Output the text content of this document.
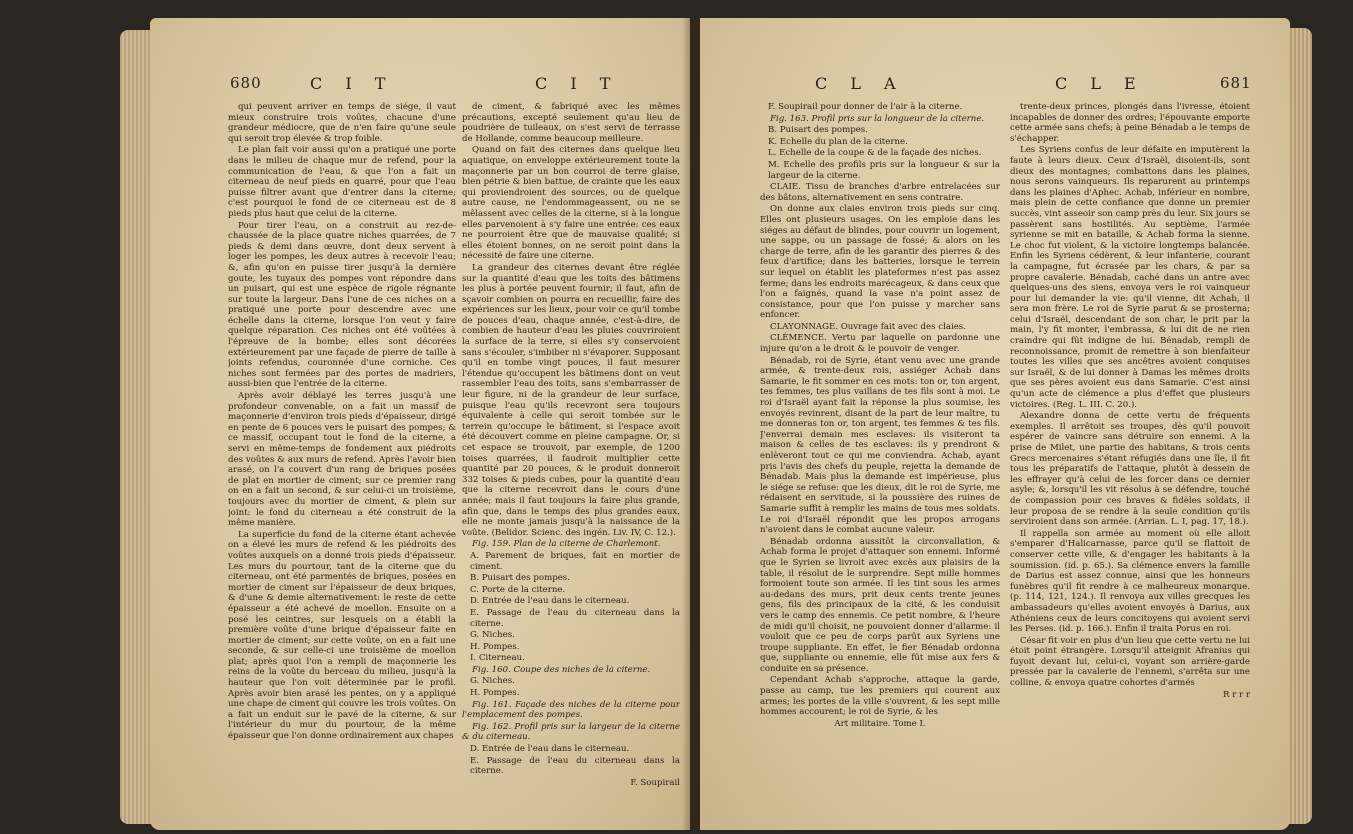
680	C I T	C I T

qui peuvent arriver en temps de siége, il vaut mieux construire trois voûtes, chacune d'une grandeur médiocre, que de n'en faire qu'une seule qui seroit trop élevée & trop foible.

Le plan fait voir aussi qu'on a pratiqué une porte dans le milieu de chaque mur de refend, pour la communication de l'eau, & que l'on a fait un citerneau de neuf pieds en quarré, pour que l'eau puisse filtrer avant que d'entrer dans la citerne; c'est pourquoi le fond de ce citerneau est de 8 pieds plus haut que celui de la citerne.

Pour tirer l'eau, on a construit au rez-de-chaussée de la place quatre niches quarrées, de 7 pieds & demi dans œuvre, dont deux servent à loger les pompes, les deux autres à recevoir l'eau; &, afin qu'on en puisse tirer jusqu'à la dernière goute, les tuyaux des pompes vont répondre dans un puisart, qui est une espèce de rigole régnante sur toute la largeur. Dans l'une de ces niches on a pratiqué une porte pour descendre avec une échelle dans la citerne, lorsque l'on veut y faire quelque réparation. Ces niches ont été voûtées à l'épreuve de la bombe; elles sont décorées extérieurement par une façade de pierre de taille à joints refendus, couronnée d'une corniche. Ces niches sont fermées par des portes de madriers, aussi-bien que l'entrée de la citerne.

Après avoir déblayé les terres jusqu'à une profondeur convenable, on a fait un massif de maçonnerie d'environ trois pieds d'épaisseur, dirigé en pente de 6 pouces vers le puisart des pompes; & ce massif, occupant tout le fond de la citerne, a servi en même-temps de fondement aux piédroits des voûtes & aux murs de refend. Après l'avoir bien arasé, on l'a couvert d'un rang de briques posées de plat en mortier de ciment; sur ce premier rang on en a fait un second, & sur celui-ci un troisième, toujours avec du mortier de ciment, & plein sur joint: le fond du citerneau a été construit de la même manière.

La superficie du fond de la citerne étant achevée on a élevé les murs de refend & les piédroits des voûtes auxquels on a donné trois pieds d'épaisseur. Les murs du pourtour, tant de la citerne que du citerneau, ont été parmentés de briques, posées en mortier de ciment sur l'épaisseur de deux briques, & d'une & demie alternativement: le reste de cette épaisseur a été achevé de moellon. Ensuite on a posé les ceintres, sur lesquels on a établi la première voûte d'une brique d'épaisseur faite en mortier de ciment; sur cette voûte, on en a fait une seconde, & sur celle-ci une troisième de moellon plat; après quoi l'on a rempli de maçonnerie les reins de la voûte du berceau du milieu, jusqu'à la hauteur que l'on voit déterminée par le profil. Après avoir bien arasé les pentes, on y a appliqué une chape de ciment qui couvre les trois voûtes. On a fait un enduit sur le pavé de la citerne, & sur l'intérieur du mur du pourtour, de la même épaisseur que l'on donne ordinairement aux chapes

de ciment, & fabriqué avec les mêmes précautions, excepté seulement qu'au lieu de poudrière de tuileaux, on s'est servi de terrasse de Hollande, comme beaucoup meilleure.

Quand on fait des citernes dans quelque lieu aquatique, on enveloppe extérieurement toute la maçonnerie par un bon courroi de terre glaise, bien pétrie & bien battue, de crainte que les eaux qui proviendroient des sources, ou de quelque autre cause, ne l'endommageassent, ou ne se mêlassent avec celles de la citerne, si à la longue elles parvenoient à s'y faire une entrée: ces eaux ne pourroient être que de mauvaise qualité; si elles étoient bonnes, on ne seroit point dans la nécessité de faire une citerne.

La grandeur des citernes devant être réglée sur la quantité d'eau que les toits des bâtimens les plus à portée peuvent fournir; il faut, afin de sçavoir combien on pourra en recueillir, faire des expériences sur les lieux, pour voir ce qu'il tombe de pouces d'eau, chaque année, c'est-à-dire, de combien de hauteur d'eau les pluies couvriroient la surface de la terre, si elles s'y conservoient sans s'écouler, s'imbiber ni s'évaporer. Supposant qu'il en tombe vingt pouces, il faut mesurer l'étendue qu'occupent les bâtimens dont on veut rassembler l'eau des toits, sans s'embarrasser de leur figure, ni de la grandeur de leur surface, puisque l'eau qu'ils recevront sera toujours équivalente à celle qui seroit tombée sur le terrein qu'occupe le bâtiment, si l'espace avoit été découvert comme en pleine campagne. Or, si cet espace se trouvoit, par exemple, de 1200 toises quarrées, il faudroit multiplier cette quantité par 20 pouces, & le produit donneroit 332 toises & pieds cubes, pour la quantité d'eau que la citerne recevroit dans le cours d'une année; mais il faut toujours la faire plus grande, afin que, dans le temps des plus grandes eaux, elle ne monte jamais jusqu'à la naissance de la voûte. (Belidor. Scienc. des ingén. Liv. IV, C. 12.).

Fig. 159. Plan de la citerne de Charlemont.

A. Parement de briques, fait en mortier de ciment.

B. Puisart des pompes.

C. Porte de la citerne.

D. Entrée de l'eau dans le citerneau.

E. Passage de l'eau du citerneau dans la citerne.

G. Niches.

H. Pompes.

I. Citerneau.

Fig. 160. Coupe des niches de la citerne.

G. Niches.

H. Pompes.

Fig. 161. Façade des niches de la citerne pour l'emplacement des pompes.

Fig. 162. Profil pris sur la largeur de la citerne & du citerneau.

D. Entrée de l'eau dans le citerneau.

E. Passage de l'eau du citerneau dans la citerne.

F. Soupirail

C L A	C L E	681

F. Soupirail pour donner de l'air à la citerne.

Fig. 163. Profil pris sur la longueur de la citerne.

B. Puisart des pompes.

K. Echelle du plan de la citerne.

L. Echelle de la coupe & de la façade des niches.

M. Echelle des profils pris sur la longueur & sur la largeur de la citerne.

CLAIE. Tissu de branches d'arbre entrelacées sur des bâtons, alternativement en sens contraire.

On donne aux claies environ trois pieds sur cinq. Elles ont plusieurs usages. On les emploie dans les siéges au défaut de blindes, pour couvrir un logement, une sappe, ou un passage de fossé; & alors on les charge de terre, afin de les garantir des pierres & des feux d'artifice; dans les batteries, lorsque le terrein sur lequel on établit les plateformes n'est pas assez ferme; dans les endroits marécageux, & dans ceux que l'on a faignés, quand la vase n'a point assez de consistance, pour que l'on puisse y marcher sans enfoncer.

CLAYONNAGE. Ouvrage fait avec des claies.

CLÉMENCE. Vertu par laquelle on pardonne une injure qu'on a le droit & le pouvoir de venger.

Bénadab, roi de Syrie, étant venu avec une grande armée, & trente-deux rois, assiéger Achab dans Samarie, le fit sommer en ces mots: ton or, ton argent, tes femmes, tes plus vaillans de tes fils sont à moi. Le roi d'Israël ayant fait la réponse la plus soumise, les envoyés revinrent, disant de la part de leur maître, tu me donneras ton or, ton argent, tes femmes & tes fils. J'enverrai demain mes esclaves: ils visiteront ta maison & celles de tes esclaves: ils y prendront & enlèveront tout ce qui me conviendra. Achab, ayant pris l'avis des chefs du peuple, rejetta la demande de Bénadab. Mais plus la demande est impérieuse, plus le siége se refuse: que les dieux, dit le roi de Syrie, me rédaisent en servitude, si la poussière des ruines de Samarie suffit à remplir les mains de tous mes soldats. Le roi d'Israël répondit que les propos arrogans n'avoient dans le combat aucune valeur.

Bénadab ordonna aussitôt la circonvallation, & Achab forma le projet d'attaquer son ennemi. Informé que le Syrien se livroit avec excès aux plaisirs de la table, il résolut de le surprendre. Sept mille hommes formoient toute son armée. Il les tint sous les armes au-dedans des murs, prit deux cents trente jeunes gens, fils des principaux de la cité, & les conduisit vers le camp des ennemis. Ce petit nombre, & l'heure de midi qu'il choisit, ne pouvoient donner d'allarme: il vouloit que ce peu de corps parût aux Syriens une troupe suppliante. En effet, le fier Bénadab ordonna que, suppliante ou ennemie, elle fût mise aux fers & conduite en sa présence.

Cependant Achab s'approche, attaque la garde, passe au camp, tue les premiers qui courent aux armes; les portes de la ville s'ouvrent, & les sept mille hommes accourent; le roi de Syrie, & les

Art militaire. Tome I.

trente-deux princes, plongés dans l'ivresse, étoient incapables de donner des ordres; l'épouvante emporte cette armée sans chefs; à peine Bénadab a le temps de s'échapper.

Les Syriens confus de leur défaite en imputèrent la faute à leurs dieux. Ceux d'Israël, disoient-ils, sont dieux des montagnes; combattons dans les plaines, nous serons vainqueurs. Ils reparurent au printemps dans les plaines d'Aphec. Achab, inférieur en nombre, mais plein de cette confiance que donne un premier succès, vint asseoir son camp près du leur. Six jours se passèrent sans hostilités. Au septième, l'armée syrienne se mit en bataille, & Achab forma la sienne. Le choc fut violent, & la victoire longtemps balancée. Enfin les Syriens cédèrent, & leur infanterie, courant la campagne, fut écrasée par les chars, & par sa propre cavalerie. Bénadab, caché dans un antre avec quelques-uns des siens, envoya vers le roi vainqueur pour lui demander la vie: qu'il vienne, dit Achab, il sera mon frère. Le roi de Syrie parut & se prosterna; celui d'Israël, descendant de son char, le prit par la main, l'y fit monter, l'embrassa, & lui dit de ne rien craindre qui fût indigne de lui. Bénadab, rempli de reconnoissance, promit de remettre à son bienfaiteur toutes les villes que ses ancêtres avoient conquises sur Israël, & de lui donner à Damas les mêmes droits que ses pères avoient eus dans Samarie. C'est ainsi qu'un acte de clémence a plus d'effet que plusieurs victoires. (Reg. L. III. C. 20.).

Alexandre donna de cette vertu de fréquents exemples. Il arrêtoit ses troupes, dès qu'il pouvoit espérer de vaincre sans détruire son ennemi. A la prise de Milet, une partie des habitans, & trois cents Grecs mercenaires s'étant réfugiés dans une île, il fit tous les préparatifs de l'attaque, plutôt à dessein de les effrayer qu'à celui de les forcer dans ce dernier asyle; &, lorsqu'il les vit résolus à se défendre, touché de compassion pour ces braves & fidèles soldats, il leur proposa de se rendre à la seule condition qu'ils serviroient dans son armée. (Arrian. L. I, pag. 17, 18.).

Il rappella son armée au moment où elle alloit s'emparer d'Halicarnasse, parce qu'il se flattoit de conserver cette ville, & d'engager les habitants à la soumission. (id. p. 65.). Sa clémence envers la famille de Darius est assez connue, ainsi que les honneurs funèbres qu'il fit rendre à ce malheureux monarque. (p. 114, 121, 124.). Il renvoya aux villes grecques les ambassadeurs qu'elles avoient envoyés à Darius, aux Athéniens ceux de leurs concitoyens qui avoient servi les Perses. (id. p. 166.). Enfin il traita Porus en roi.

César fit voir en plus d'un lieu que cette vertu ne lui étoit point étrangère. Lorsqu'il atteignit Afranius qui fuyoit devant lui, celui-ci, voyant son arrière-garde pressée par la cavalerie de l'ennemi, s'arrêta sur une colline, & envoya quatre cohortes d'armés

R r r r
